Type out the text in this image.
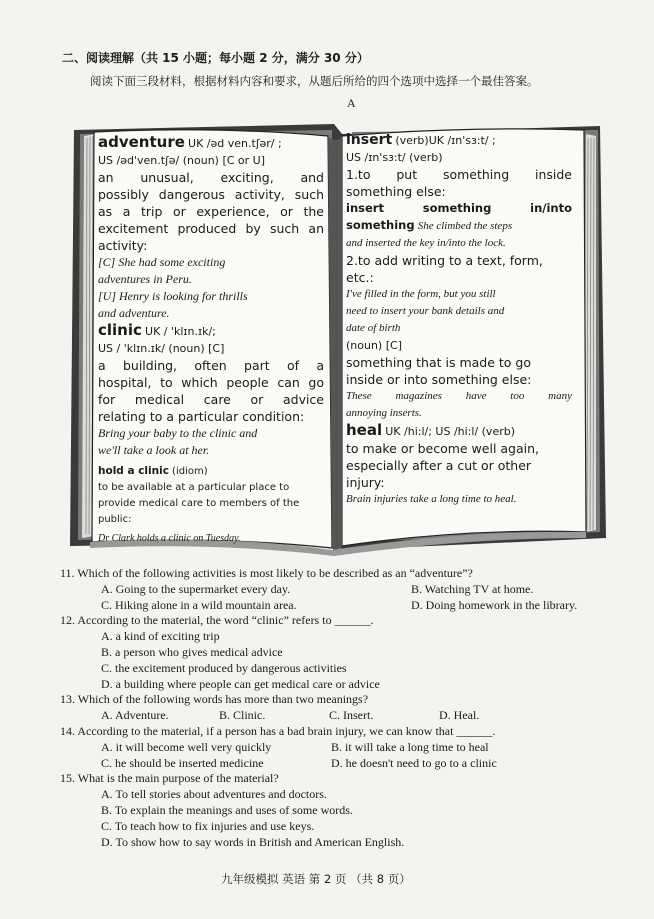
二、阅读理解（共 15 小题；每小题 2 分，满分 30 分）
阅读下面三段材料，根据材料内容和要求，从题后所给的四个选项中选择一个最佳答案。
A
adventure UK /əd ven.tʃər/ ;
US /əd'ven.tʃə/ (noun) [C or U]
an unusual, exciting, and
possibly dangerous activity, such
as a trip or experience, or the
excitement produced by such an
activity:
[C] She had some exciting
adventures in Peru.
[U] Henry is looking for thrills
and adventure.
clinic UK / 'klɪn.ɪk/;
US / 'klɪn.ɪk/ (noun) [C]
a building, often part of a
hospital, to which people can go
for medical care or advice
relating to a particular condition:
Bring your baby to the clinic and
we'll take a look at her.
hold a clinic (idiom)
to be available at a particular place to
provide medical care to members of the
public:
Dr Clark holds a clinic on Tuesday.
insert (verb)UK /ɪn'sɜ:t/ ;
US /ɪn'sɜ:t/ (verb)
1.to put something inside
something else:
insert something in/into
something She climbed the steps
and inserted the key in/into the lock.
2.to add writing to a text, form,
etc.:
I've filled in the form, but you still
need to insert your bank details and
date of birth
(noun) [C]
something that is made to go
inside or into something else:
These magazines have too many
annoying inserts.
heal UK /hi:l/; US /hi:l/ (verb)
to make or become well again,
especially after a cut or other
injury:
Brain injuries take a long time to heal.
11. Which of the following activities is most likely to be described as an “adventure”?
A. Going to the supermarket every day.	B. Watching TV at home.
C. Hiking alone in a wild mountain area.	D. Doing homework in the library.
12. According to the material, the word “clinic” refers to ______.
A. a kind of exciting trip
B. a person who gives medical advice
C. the excitement produced by dangerous activities
D. a building where people can get medical care or advice
13. Which of the following words has more than two meanings?
A. Adventure.	B. Clinic.	C. Insert.	D. Heal.
14. According to the material, if a person has a bad brain injury, we can know that ______.
A. it will become well very quickly	B. it will take a long time to heal
C. he should be inserted medicine	D. he doesn't need to go to a clinic
15. What is the main purpose of the material?
A. To tell stories about adventures and doctors.
B. To explain the meanings and uses of some words.
C. To teach how to fix injuries and use keys.
D. To show how to say words in British and American English.
九年级模拟 英语 第 2 页 （共 8 页）
